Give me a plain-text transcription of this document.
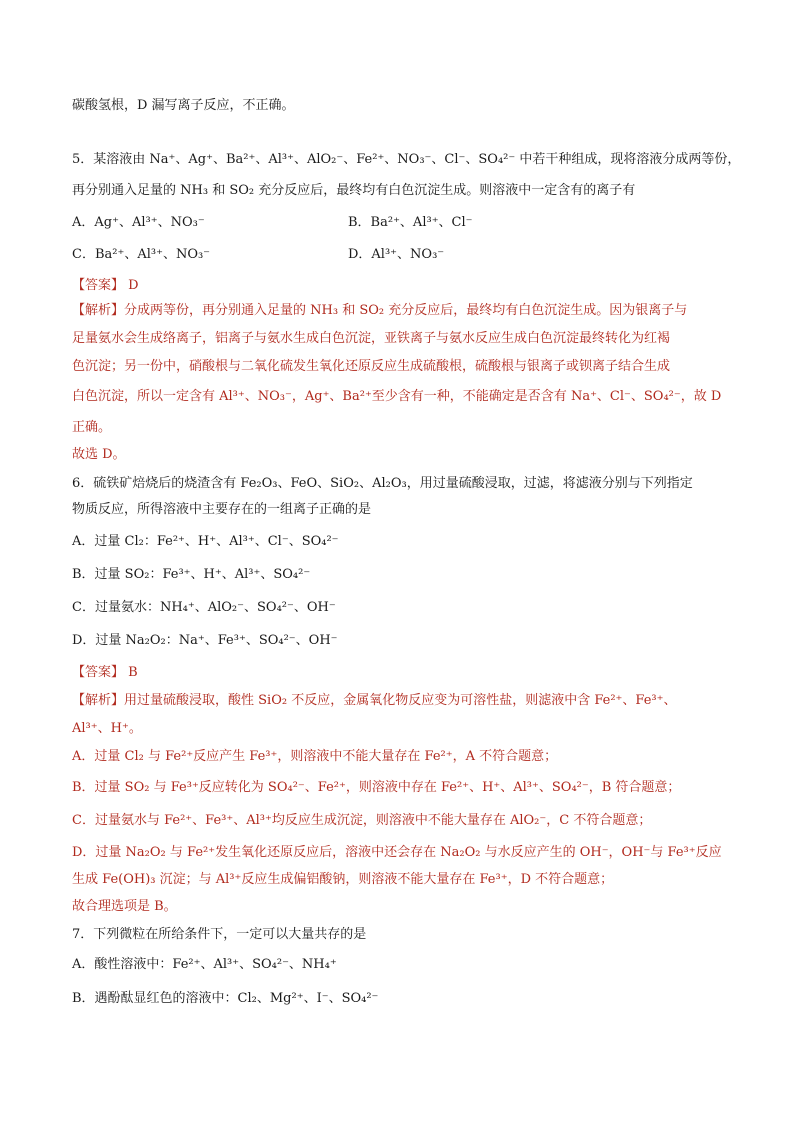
碳酸氢根，D 漏写离子反应，不正确。
5．某溶液由 Na⁺、Ag⁺、Ba²⁺、Al³⁺、AlO₂⁻、Fe²⁺、NO₃⁻、Cl⁻、SO₄²⁻ 中若干种组成，现将溶液分成两等份，
再分别通入足量的 NH₃ 和 SO₂ 充分反应后，最终均有白色沉淀生成。则溶液中一定含有的离子有
A．Ag⁺、Al³⁺、NO₃⁻	B．Ba²⁺、Al³⁺、Cl⁻
C．Ba²⁺、Al³⁺、NO₃⁻	D．Al³⁺、NO₃⁻
【答案】 D
【解析】分成两等份，再分别通入足量的 NH₃ 和 SO₂ 充分反应后，最终均有白色沉淀生成。因为银离子与
足量氨水会生成络离子，铝离子与氨水生成白色沉淀，亚铁离子与氨水反应生成白色沉淀最终转化为红褐
色沉淀；另一份中，硝酸根与二氧化硫发生氧化还原反应生成硫酸根，硫酸根与银离子或钡离子结合生成
白色沉淀，所以一定含有 Al³⁺、NO₃⁻，Ag⁺、Ba²⁺至少含有一种，不能确定是否含有 Na⁺、Cl⁻、SO₄²⁻，故 D
正确。
故选 D。
6．硫铁矿焙烧后的烧渣含有 Fe₂O₃、FeO、SiO₂、Al₂O₃，用过量硫酸浸取，过滤，将滤液分别与下列指定
物质反应，所得溶液中主要存在的一组离子正确的是
A．过量 Cl₂：Fe²⁺、H⁺、Al³⁺、Cl⁻、SO₄²⁻
B．过量 SO₂：Fe³⁺、H⁺、Al³⁺、SO₄²⁻
C．过量氨水：NH₄⁺、AlO₂⁻、SO₄²⁻、OH⁻
D．过量 Na₂O₂：Na⁺、Fe³⁺、SO₄²⁻、OH⁻
【答案】 B
【解析】用过量硫酸浸取，酸性 SiO₂ 不反应，金属氧化物反应变为可溶性盐，则滤液中含 Fe²⁺、Fe³⁺、
Al³⁺、H⁺。
A．过量 Cl₂ 与 Fe²⁺反应产生 Fe³⁺，则溶液中不能大量存在 Fe²⁺，A 不符合题意；
B．过量 SO₂ 与 Fe³⁺反应转化为 SO₄²⁻、Fe²⁺，则溶液中存在 Fe²⁺、H⁺、Al³⁺、SO₄²⁻，B 符合题意；
C．过量氨水与 Fe²⁺、Fe³⁺、Al³⁺均反应生成沉淀，则溶液中不能大量存在 AlO₂⁻，C 不符合题意；
D．过量 Na₂O₂ 与 Fe²⁺发生氧化还原反应后，溶液中还会存在 Na₂O₂ 与水反应产生的 OH⁻，OH⁻与 Fe³⁺反应
生成 Fe(OH)₃ 沉淀；与 Al³⁺反应生成偏铝酸钠，则溶液不能大量存在 Fe³⁺，D 不符合题意；
故合理选项是 B。
7．下列微粒在所给条件下，一定可以大量共存的是
A．酸性溶液中：Fe²⁺、Al³⁺、SO₄²⁻、NH₄⁺
B．遇酚酞显红色的溶液中：Cl₂、Mg²⁺、I⁻、SO₄²⁻
